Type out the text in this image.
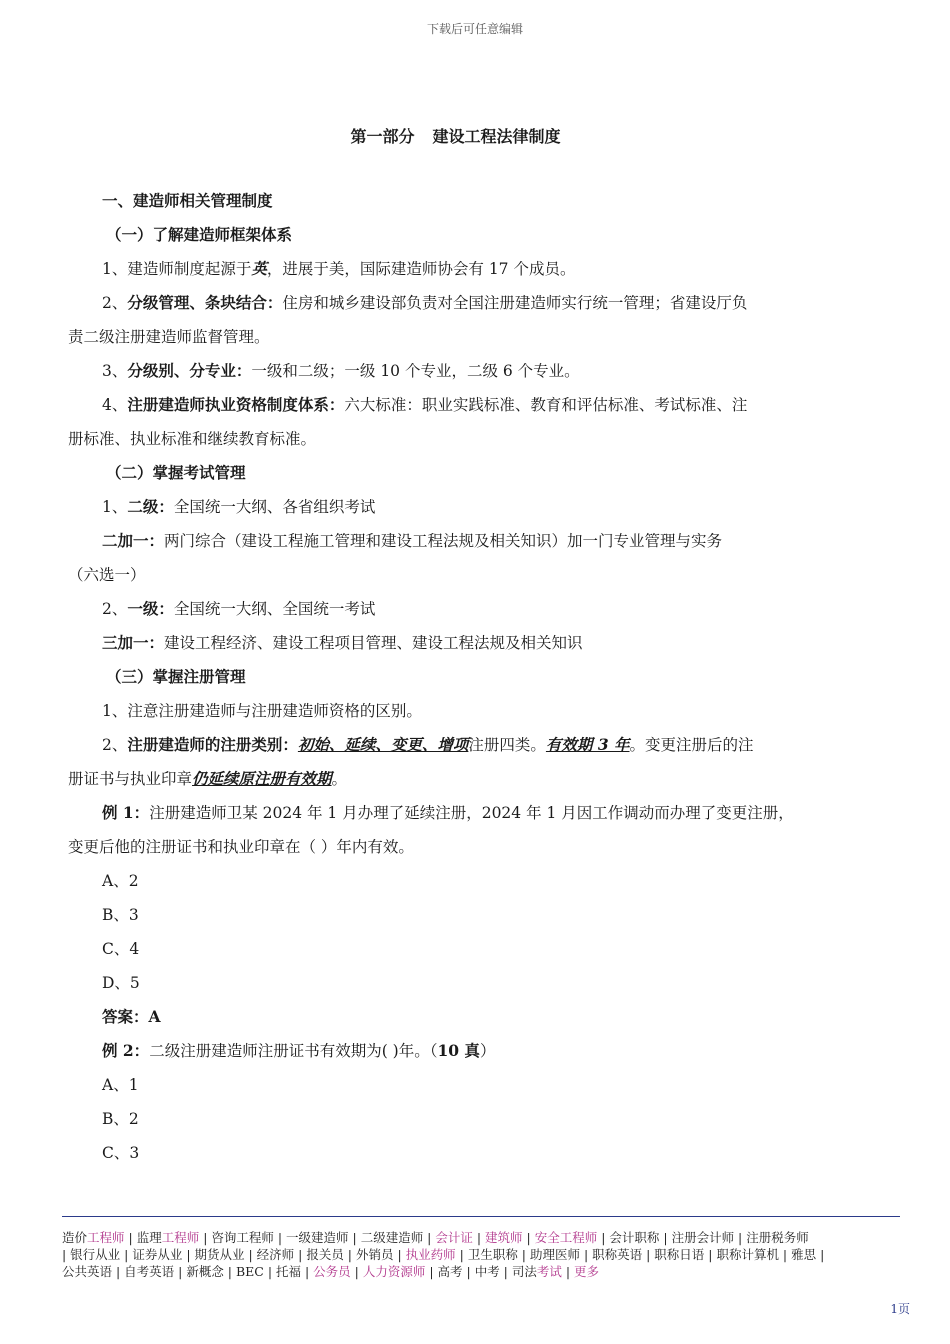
下载后可任意编辑
第一部分 建设工程法律制度

一、建造师相关管理制度

（一）了解建造师框架体系

1、建造师制度起源于英，进展于美，国际建造师协会有 17 个成员。

2、分级管理、条块结合：住房和城乡建设部负责对全国注册建造师实行统一管理；省建设厅负

责二级注册建造师监督管理。

3、分级别、分专业：一级和二级；一级 10 个专业，二级 6 个专业。

4、注册建造师执业资格制度体系：六大标准：职业实践标准、教育和评估标准、考试标准、注

册标准、执业标准和继续教育标准。

（二）掌握考试管理

1、二级：全国统一大纲、各省组织考试

二加一：两门综合（建设工程施工管理和建设工程法规及相关知识）加一门专业管理与实务

（六选一）

2、一级：全国统一大纲、全国统一考试

三加一：建设工程经济、建设工程项目管理、建设工程法规及相关知识

（三）掌握注册管理

1、注意注册建造师与注册建造师资格的区别。

2、注册建造师的注册类别：初始、延续、变更、增项注册四类。有效期 3 年。变更注册后的注

册证书与执业印章仍延续原注册有效期。

例 1：注册建造师卫某 2024 年 1 月办理了延续注册，2024 年 1 月因工作调动而办理了变更注册，

变更后他的注册证书和执业印章在（ ）年内有效。

A、2

B、3

C、4

D、5

答案：A

例 2：二级注册建造师注册证书有效期为( )年。（10 真）

A、1

B、2

C、3

造价工程师 | 监理工程师 | 咨询工程师 | 一级建造师 | 二级建造师 | 会计证 | 建筑师 | 安全工程师 | 会计职称 | 注册会计师 | 注册税务师
| 银行从业 | 证券从业 | 期货从业 | 经济师 | 报关员 | 外销员 | 执业药师 | 卫生职称 | 助理医师 | 职称英语 | 职称日语 | 职称计算机 | 雅思 |
公共英语 | 自考英语 | 新概念 | BEC | 托福 | 公务员 | 人力资源师 | 高考 | 中考 | 司法考试 | 更多
1页
